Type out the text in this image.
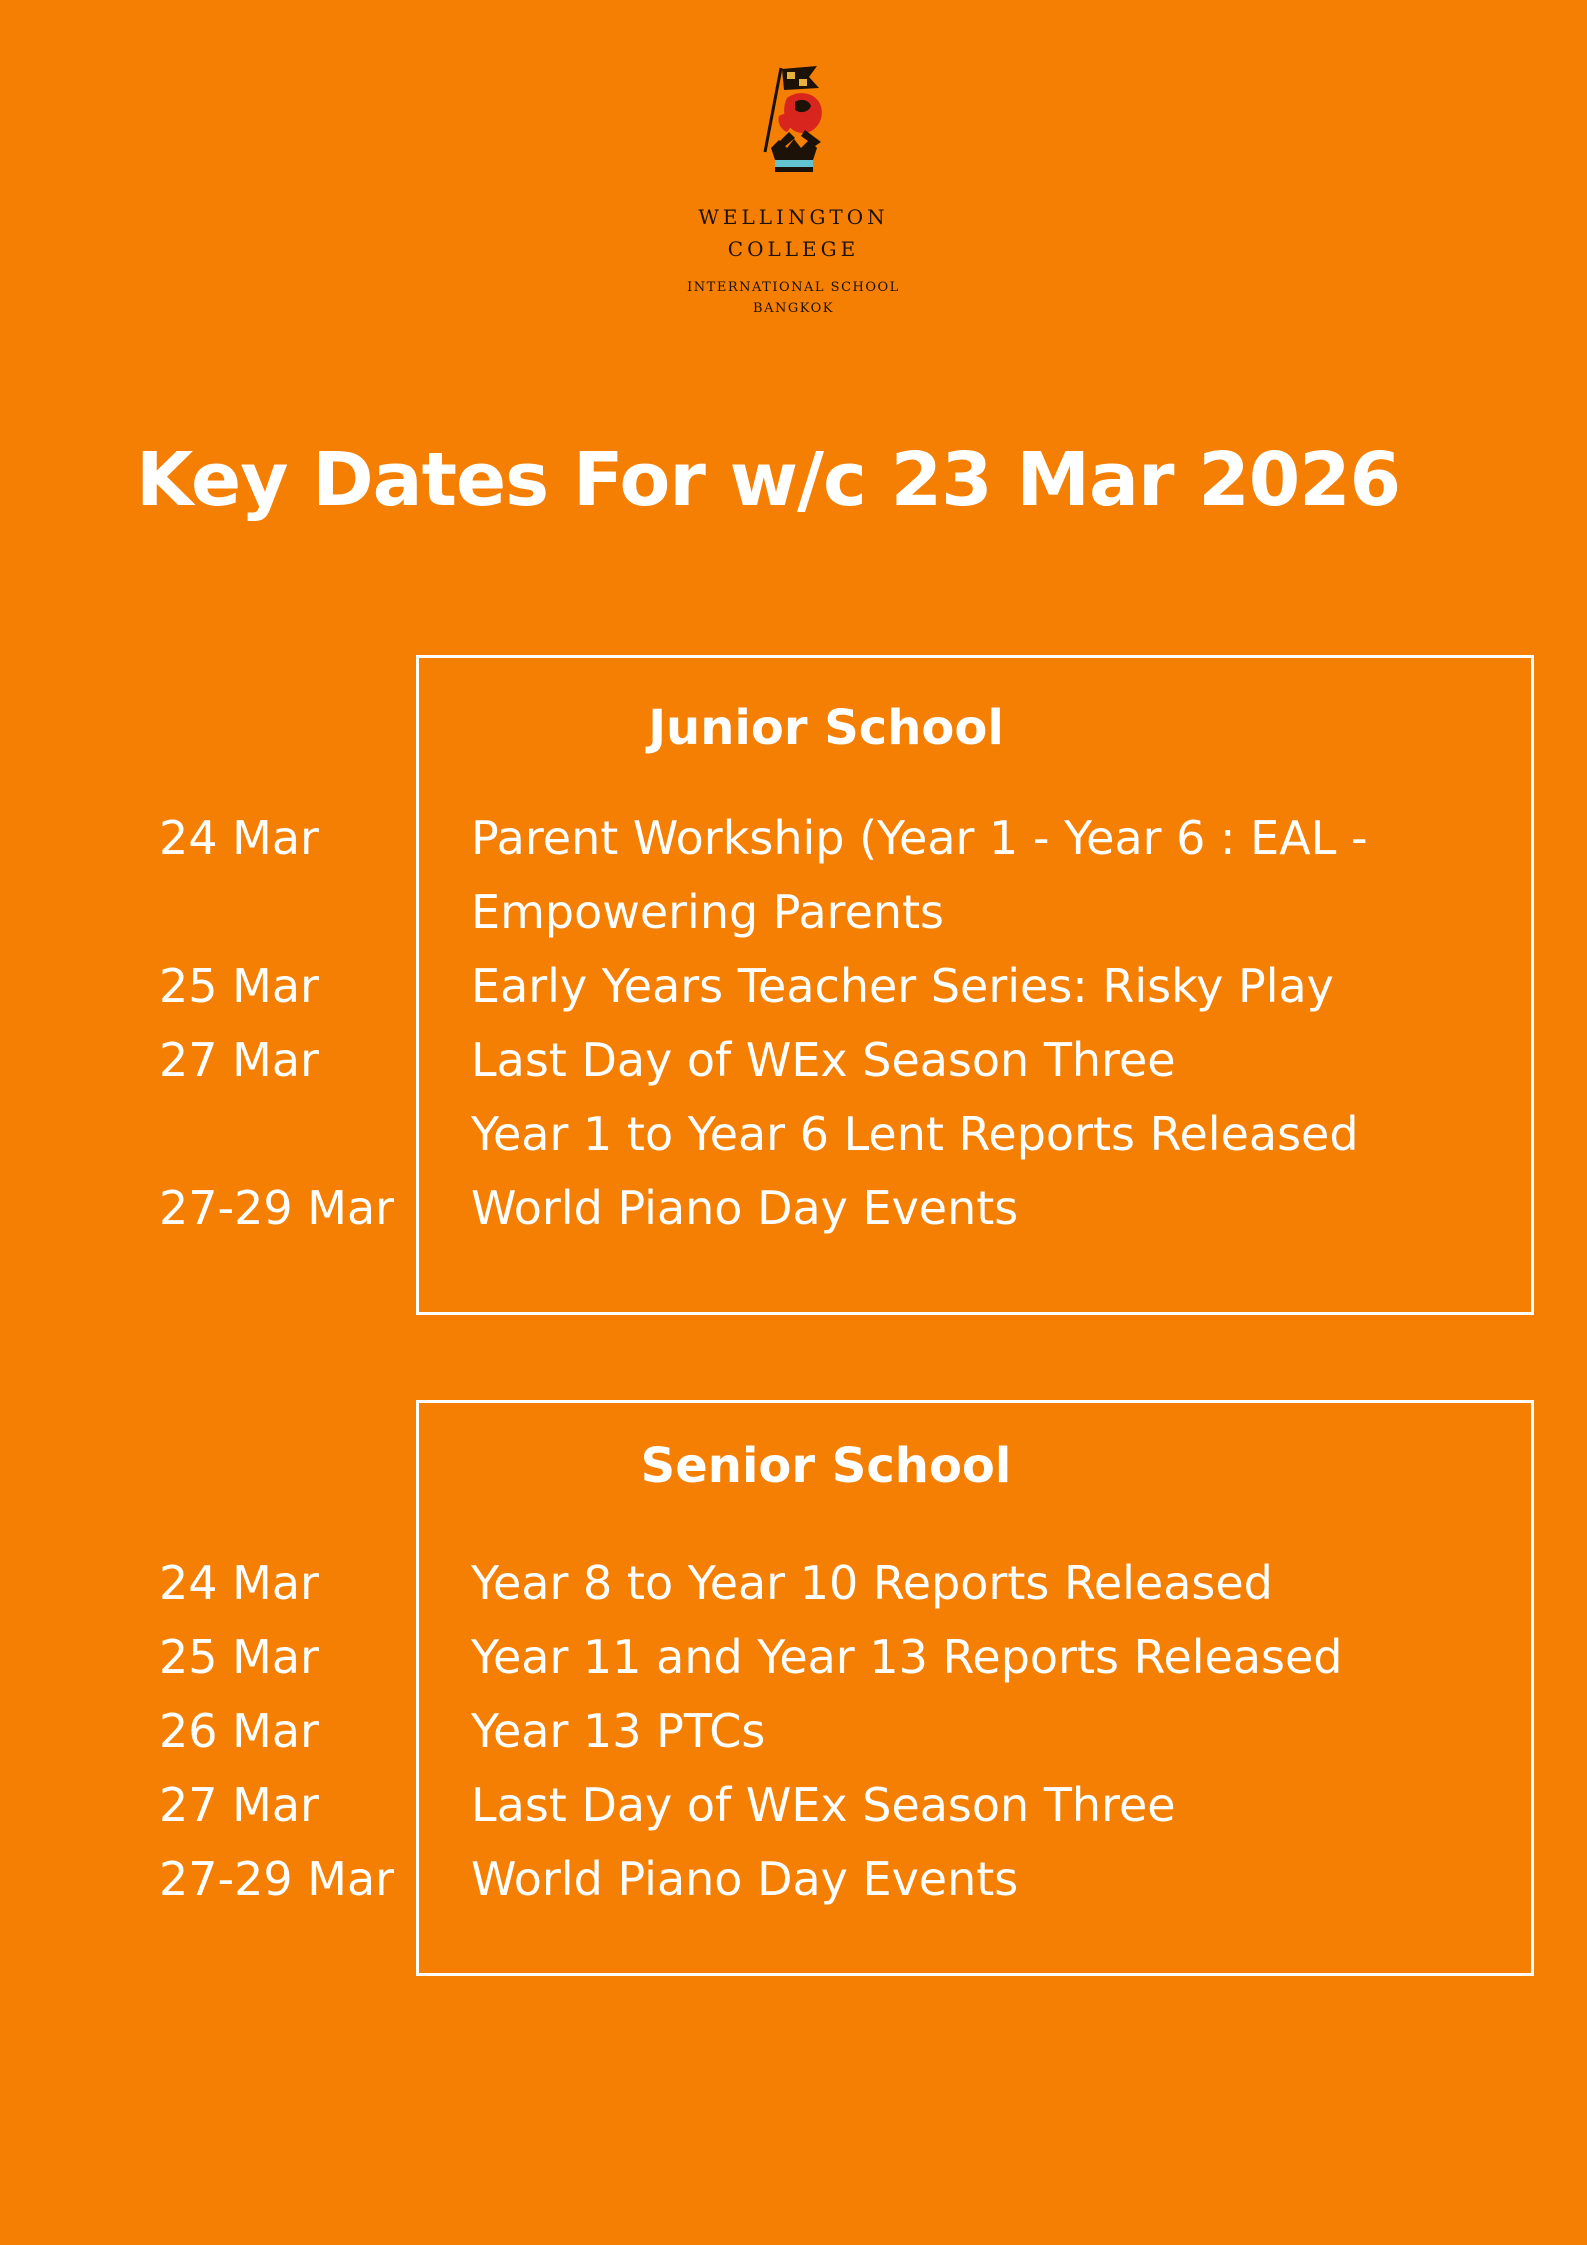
WELLINGTON
COLLEGE
INTERNATIONAL SCHOOL
BANGKOK
Key Dates For w/c 23 Mar 2026
Junior School
24 Mar	Parent Workship (Year 1 - Year 6 : EAL -
Empowering Parents
25 Mar	Early Years Teacher Series: Risky Play
27 Mar	Last Day of WEx Season Three
Year 1 to Year 6 Lent Reports Released
27-29 Mar World Piano Day Events
Senior School
24 Mar	Year 8 to Year 10 Reports Released
25 Mar	Year 11 and Year 13 Reports Released
26 Mar	Year 13 PTCs
27 Mar	Last Day of WEx Season Three
27-29 Mar World Piano Day Events
